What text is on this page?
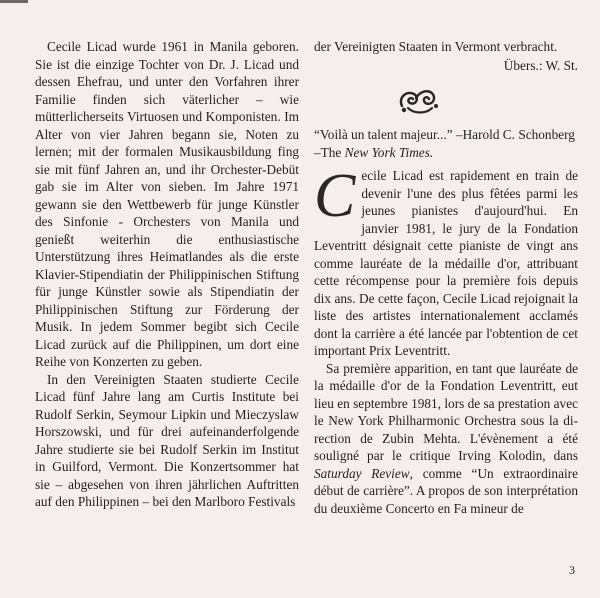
Cecile Licad wurde 1961 in Manila geboren. Sie ist die einzige Tochter von Dr. J. Licad und dessen Ehefrau, und unter den Vorfahren ihrer Familie finden sich väterlicher – wie mütterlicherseits Virtuosen und Komponisten. Im Alter von vier Jahren begann sie, Noten zu lernen; mit der formalen Musikausbildung fing sie mit fünf Jahren an, und ihr Orchester-Debüt gab sie im Alter von sieben. Im Jahre 1971 gewann sie den Wettbewerb für junge Künstler des Sinfonie - Orchesters von Manila und genießt weiterhin die enthusiastische Unterstützung ihres Heimatlandes als die erste Klavier-Stipendiatin der Philippinischen Stiftung für junge Künstler sowie als Stipendiatin der Philippinischen Stiftung zur Förderung der Musik. In jedem Sommer begibt sich Cecile Licad zurück auf die Philippinen, um dort eine Reihe von Konzerten zu geben.

In den Vereinigten Staaten studierte Cecile Licad fünf Jahre lang am Curtis Institute bei Rudolf Serkin, Seymour Lipkin und Mieczyslaw Horszowski, und für drei aufeinanderfolgende Jahre studierte sie bei Rudolf Serkin im Institut in Guilford, Vermont. Die Konzertsommer hat sie – abgesehen von ihren jährlichen Auftritten auf den Philippinen – bei den Marlboro Festivals

der Vereinigten Staaten in Vermont verbracht.

Übers.: W. St.

“Voilà un talent majeur...” –Harold C. Schonberg –The New York Times.

Cecile Licad est rapidement en train de devenir l'une des plus fêtées parmi les jeunes pianistes d'aujourd'hui. En janvier 1981, le jury de la Fondation Leventritt désignait cette pianiste de vingt ans comme lauréate de la médaille d'or, attribuant cette récompense pour la première fois depuis dix ans. De cette façon, Cecile Licad rejoignait la liste des artistes internationalement acclamés dont la carrière a été lancée par l'obtention de cet important Prix Leventritt.

Sa première apparition, en tant que lauréate de la médaille d'or de la Fondation Leventritt, eut lieu en septembre 1981, lors de sa prestation avec le New York Philharmonic Orchestra sous la direction de Zubin Mehta. L'évènement a été souligné par le critique Irving Kolodin, dans Saturday Review, comme “Un extraordinaire début de carrière”. A propos de son interprétation du deuxième Concerto en Fa mineur de

3
